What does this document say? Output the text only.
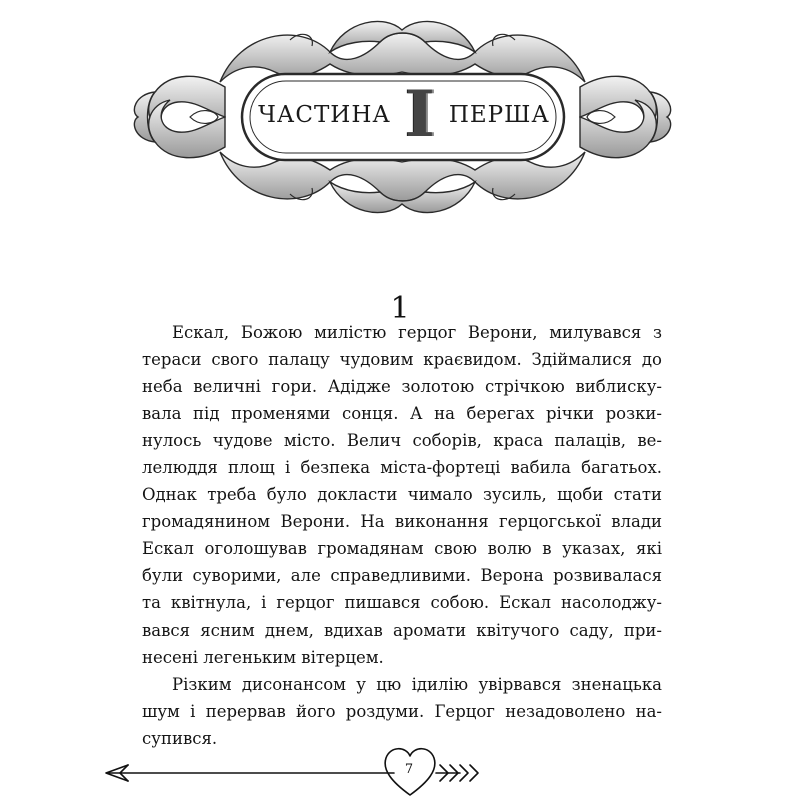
ЧАСТИНА I ПЕРША
1
Ескал, Божою милістю герцог Верони, милувався з
тераси свого палацу чудовим краєвидом. Здіймалися до
неба величні гори. Адідже золотою стрічкою виблиску-
вала під променями сонця. А на берегах річки розки-
нулось чудове місто. Велич соборів, краса палаців, ве-
лелюддя площ і безпека міста-фортеці вабила багатьох.
Однак треба було докласти чимало зусиль, щоби стати
громадянином Верони. На виконання герцогської влади
Ескал оголошував громадянам свою волю в указах, які
були суворими, але справедливими. Верона розвивалася
та квітнула, і герцог пишався собою. Ескал насолоджу-
вався ясним днем, вдихав аромати квітучого саду, при-
несені легеньким вітерцем.
Різким дисонансом у цю ідилію увірвався зненацька
шум і перервав його роздуми. Герцог незадоволено на-
супився.
7
